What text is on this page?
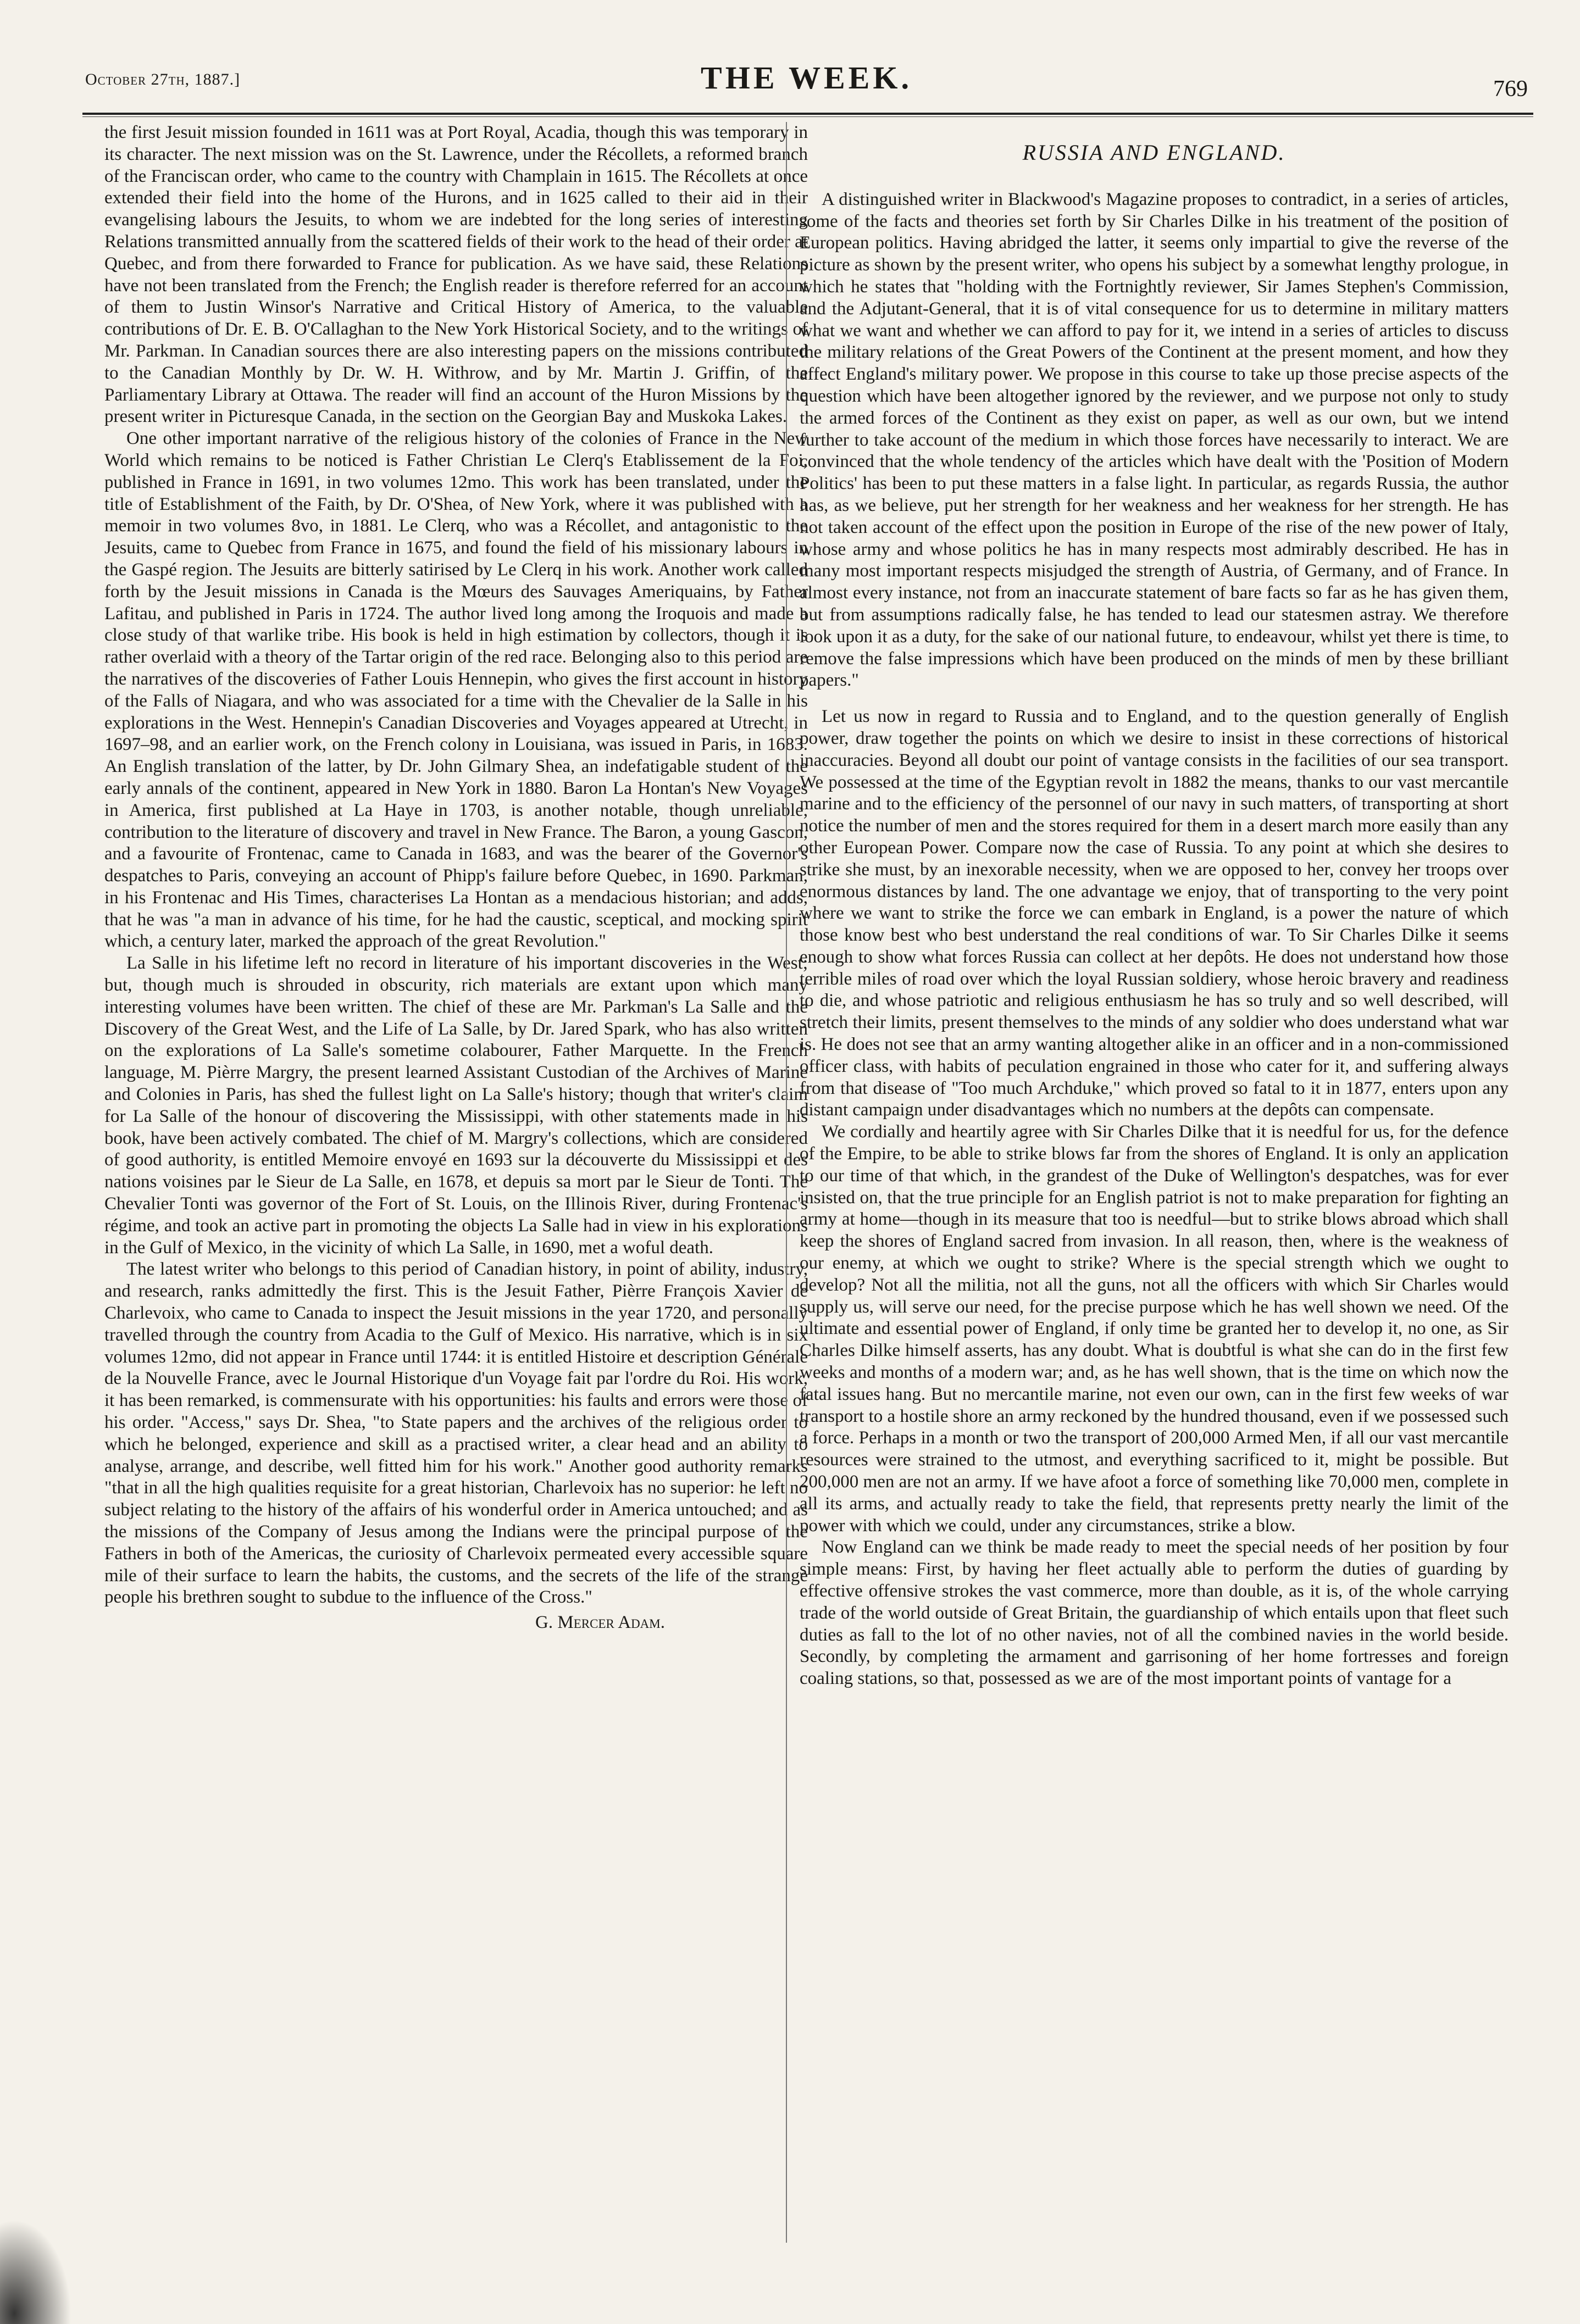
October 27th, 1887.]	THE WEEK.	769

the first Jesuit mission founded in 1611 was at Port Royal, Acadia, though this was temporary in its character. The next mission was on the St. Lawrence, under the Récollets, a reformed branch of the Franciscan order, who came to the country with Champlain in 1615. The Récollets at once extended their field into the home of the Hurons, and in 1625 called to their aid in their evangelising labours the Jesuits, to whom we are indebted for the long series of interesting Relations transmitted annually from the scattered fields of their work to the head of their order at Quebec, and from there forwarded to France for publication. As we have said, these Relations have not been translated from the French; the English reader is therefore referred for an account of them to Justin Winsor's Narrative and Critical History of America, to the valuable contributions of Dr. E. B. O'Callaghan to the New York Historical Society, and to the writings of Mr. Parkman. In Canadian sources there are also interesting papers on the missions contributed to the Canadian Monthly by Dr. W. H. Withrow, and by Mr. Martin J. Griffin, of the Parliamentary Library at Ottawa. The reader will find an account of the Huron Missions by the present writer in Picturesque Canada, in the section on the Georgian Bay and Muskoka Lakes.

One other important narrative of the religious history of the colonies of France in the New World which remains to be noticed is Father Christian Le Clerq's Etablissement de la Foi, published in France in 1691, in two volumes 12mo. This work has been translated, under the title of Establishment of the Faith, by Dr. O'Shea, of New York, where it was published with a memoir in two volumes 8vo, in 1881. Le Clerq, who was a Récollet, and antagonistic to the Jesuits, came to Quebec from France in 1675, and found the field of his missionary labours in the Gaspé region. The Jesuits are bitterly satirised by Le Clerq in his work. Another work called forth by the Jesuit missions in Canada is the Mœurs des Sauvages Ameriquains, by Father Lafitau, and published in Paris in 1724. The author lived long among the Iroquois and made a close study of that warlike tribe. His book is held in high estimation by collectors, though it is rather overlaid with a theory of the Tartar origin of the red race. Belonging also to this period are the narratives of the discoveries of Father Louis Hennepin, who gives the first account in history of the Falls of Niagara, and who was associated for a time with the Chevalier de la Salle in his explorations in the West. Hennepin's Canadian Discoveries and Voyages appeared at Utrecht, in 1697–98, and an earlier work, on the French colony in Louisiana, was issued in Paris, in 1683. An English translation of the latter, by Dr. John Gilmary Shea, an indefatigable student of the early annals of the continent, appeared in New York in 1880. Baron La Hontan's New Voyages in America, first published at La Haye in 1703, is another notable, though unreliable, contribution to the literature of discovery and travel in New France. The Baron, a young Gascon, and a favourite of Frontenac, came to Canada in 1683, and was the bearer of the Governor's despatches to Paris, conveying an account of Phipp's failure before Quebec, in 1690. Parkman, in his Frontenac and His Times, characterises La Hontan as a mendacious historian; and adds, that he was "a man in advance of his time, for he had the caustic, sceptical, and mocking spirit which, a century later, marked the approach of the great Revolution."

La Salle in his lifetime left no record in literature of his important discoveries in the West; but, though much is shrouded in obscurity, rich materials are extant upon which many interesting volumes have been written. The chief of these are Mr. Parkman's La Salle and the Discovery of the Great West, and the Life of La Salle, by Dr. Jared Spark, who has also written on the explorations of La Salle's sometime colabourer, Father Marquette. In the French language, M. Pièrre Margry, the present learned Assistant Custodian of the Archives of Marine and Colonies in Paris, has shed the fullest light on La Salle's history; though that writer's claim for La Salle of the honour of discovering the Mississippi, with other statements made in his book, have been actively combated. The chief of M. Margry's collections, which are considered of good authority, is entitled Memoire envoyé en 1693 sur la découverte du Mississippi et des nations voisines par le Sieur de La Salle, en 1678, et depuis sa mort par le Sieur de Tonti. The Chevalier Tonti was governor of the Fort of St. Louis, on the Illinois River, during Frontenac's régime, and took an active part in promoting the objects La Salle had in view in his explorations in the Gulf of Mexico, in the vicinity of which La Salle, in 1690, met a woful death.

The latest writer who belongs to this period of Canadian history, in point of ability, industry, and research, ranks admittedly the first. This is the Jesuit Father, Pièrre François Xavier de Charlevoix, who came to Canada to inspect the Jesuit missions in the year 1720, and personally travelled through the country from Acadia to the Gulf of Mexico. His narrative, which is in six volumes 12mo, did not appear in France until 1744: it is entitled Histoire et description Générale de la Nouvelle France, avec le Journal Historique d'un Voyage fait par l'ordre du Roi. His work, it has been remarked, is commensurate with his opportunities: his faults and errors were those of his order. "Access," says Dr. Shea, "to State papers and the archives of the religious order to which he belonged, experience and skill as a practised writer, a clear head and an ability to analyse, arrange, and describe, well fitted him for his work." Another good authority remarks "that in all the high qualities requisite for a great historian, Charlevoix has no superior: he left no subject relating to the history of the affairs of his wonderful order in America untouched; and as the missions of the Company of Jesus among the Indians were the principal purpose of the Fathers in both of the Americas, the curiosity of Charlevoix permeated every accessible square mile of their surface to learn the habits, the customs, and the secrets of the life of the strange people his brethren sought to subdue to the influence of the Cross."

G. Mercer Adam.
RUSSIA AND ENGLAND.

A distinguished writer in Blackwood's Magazine proposes to contradict, in a series of articles, some of the facts and theories set forth by Sir Charles Dilke in his treatment of the position of European politics. Having abridged the latter, it seems only impartial to give the reverse of the picture as shown by the present writer, who opens his subject by a somewhat lengthy prologue, in which he states that "holding with the Fortnightly reviewer, Sir James Stephen's Commission, and the Adjutant-General, that it is of vital consequence for us to determine in military matters what we want and whether we can afford to pay for it, we intend in a series of articles to discuss the military relations of the Great Powers of the Continent at the present moment, and how they affect England's military power. We propose in this course to take up those precise aspects of the question which have been altogether ignored by the reviewer, and we purpose not only to study the armed forces of the Continent as they exist on paper, as well as our own, but we intend further to take account of the medium in which those forces have necessarily to interact. We are convinced that the whole tendency of the articles which have dealt with the 'Position of Modern Politics' has been to put these matters in a false light. In particular, as regards Russia, the author has, as we believe, put her strength for her weakness and her weakness for her strength. He has not taken account of the effect upon the position in Europe of the rise of the new power of Italy, whose army and whose politics he has in many respects most admirably described. He has in many most important respects misjudged the strength of Austria, of Germany, and of France. In almost every instance, not from an inaccurate statement of bare facts so far as he has given them, but from assumptions radically false, he has tended to lead our statesmen astray. We therefore look upon it as a duty, for the sake of our national future, to endeavour, whilst yet there is time, to remove the false impressions which have been produced on the minds of men by these brilliant papers."

Let us now in regard to Russia and to England, and to the question generally of English power, draw together the points on which we desire to insist in these corrections of historical inaccuracies. Beyond all doubt our point of vantage consists in the facilities of our sea transport. We possessed at the time of the Egyptian revolt in 1882 the means, thanks to our vast mercantile marine and to the efficiency of the personnel of our navy in such matters, of transporting at short notice the number of men and the stores required for them in a desert march more easily than any other European Power. Compare now the case of Russia. To any point at which she desires to strike she must, by an inexorable necessity, when we are opposed to her, convey her troops over enormous distances by land. The one advantage we enjoy, that of transporting to the very point where we want to strike the force we can embark in England, is a power the nature of which those know best who best understand the real conditions of war. To Sir Charles Dilke it seems enough to show what forces Russia can collect at her depôts. He does not understand how those terrible miles of road over which the loyal Russian soldiery, whose heroic bravery and readiness to die, and whose patriotic and religious enthusiasm he has so truly and so well described, will stretch their limits, present themselves to the minds of any soldier who does understand what war is. He does not see that an army wanting altogether alike in an officer and in a non-commissioned officer class, with habits of peculation engrained in those who cater for it, and suffering always from that disease of "Too much Archduke," which proved so fatal to it in 1877, enters upon any distant campaign under disadvantages which no numbers at the depôts can compensate.

We cordially and heartily agree with Sir Charles Dilke that it is needful for us, for the defence of the Empire, to be able to strike blows far from the shores of England. It is only an application to our time of that which, in the grandest of the Duke of Wellington's despatches, was for ever insisted on, that the true principle for an English patriot is not to make preparation for fighting an army at home—though in its measure that too is needful—but to strike blows abroad which shall keep the shores of England sacred from invasion. In all reason, then, where is the weakness of our enemy, at which we ought to strike? Where is the special strength which we ought to develop? Not all the militia, not all the guns, not all the officers with which Sir Charles would supply us, will serve our need, for the precise purpose which he has well shown we need. Of the ultimate and essential power of England, if only time be granted her to develop it, no one, as Sir Charles Dilke himself asserts, has any doubt. What is doubtful is what she can do in the first few weeks and months of a modern war; and, as he has well shown, that is the time on which now the fatal issues hang. But no mercantile marine, not even our own, can in the first few weeks of war transport to a hostile shore an army reckoned by the hundred thousand, even if we possessed such a force. Perhaps in a month or two the transport of 200,000 Armed Men, if all our vast mercantile resources were strained to the utmost, and everything sacrificed to it, might be possible. But 200,000 men are not an army. If we have afoot a force of something like 70,000 men, complete in all its arms, and actually ready to take the field, that represents pretty nearly the limit of the power with which we could, under any circumstances, strike a blow.

Now England can we think be made ready to meet the special needs of her position by four simple means: First, by having her fleet actually able to perform the duties of guarding by effective offensive strokes the vast commerce, more than double, as it is, of the whole carrying trade of the world outside of Great Britain, the guardianship of which entails upon that fleet such duties as fall to the lot of no other navies, not of all the combined navies in the world beside. Secondly, by completing the armament and garrisoning of her home fortresses and foreign coaling stations, so that, possessed as we are of the most important points of vantage for a
